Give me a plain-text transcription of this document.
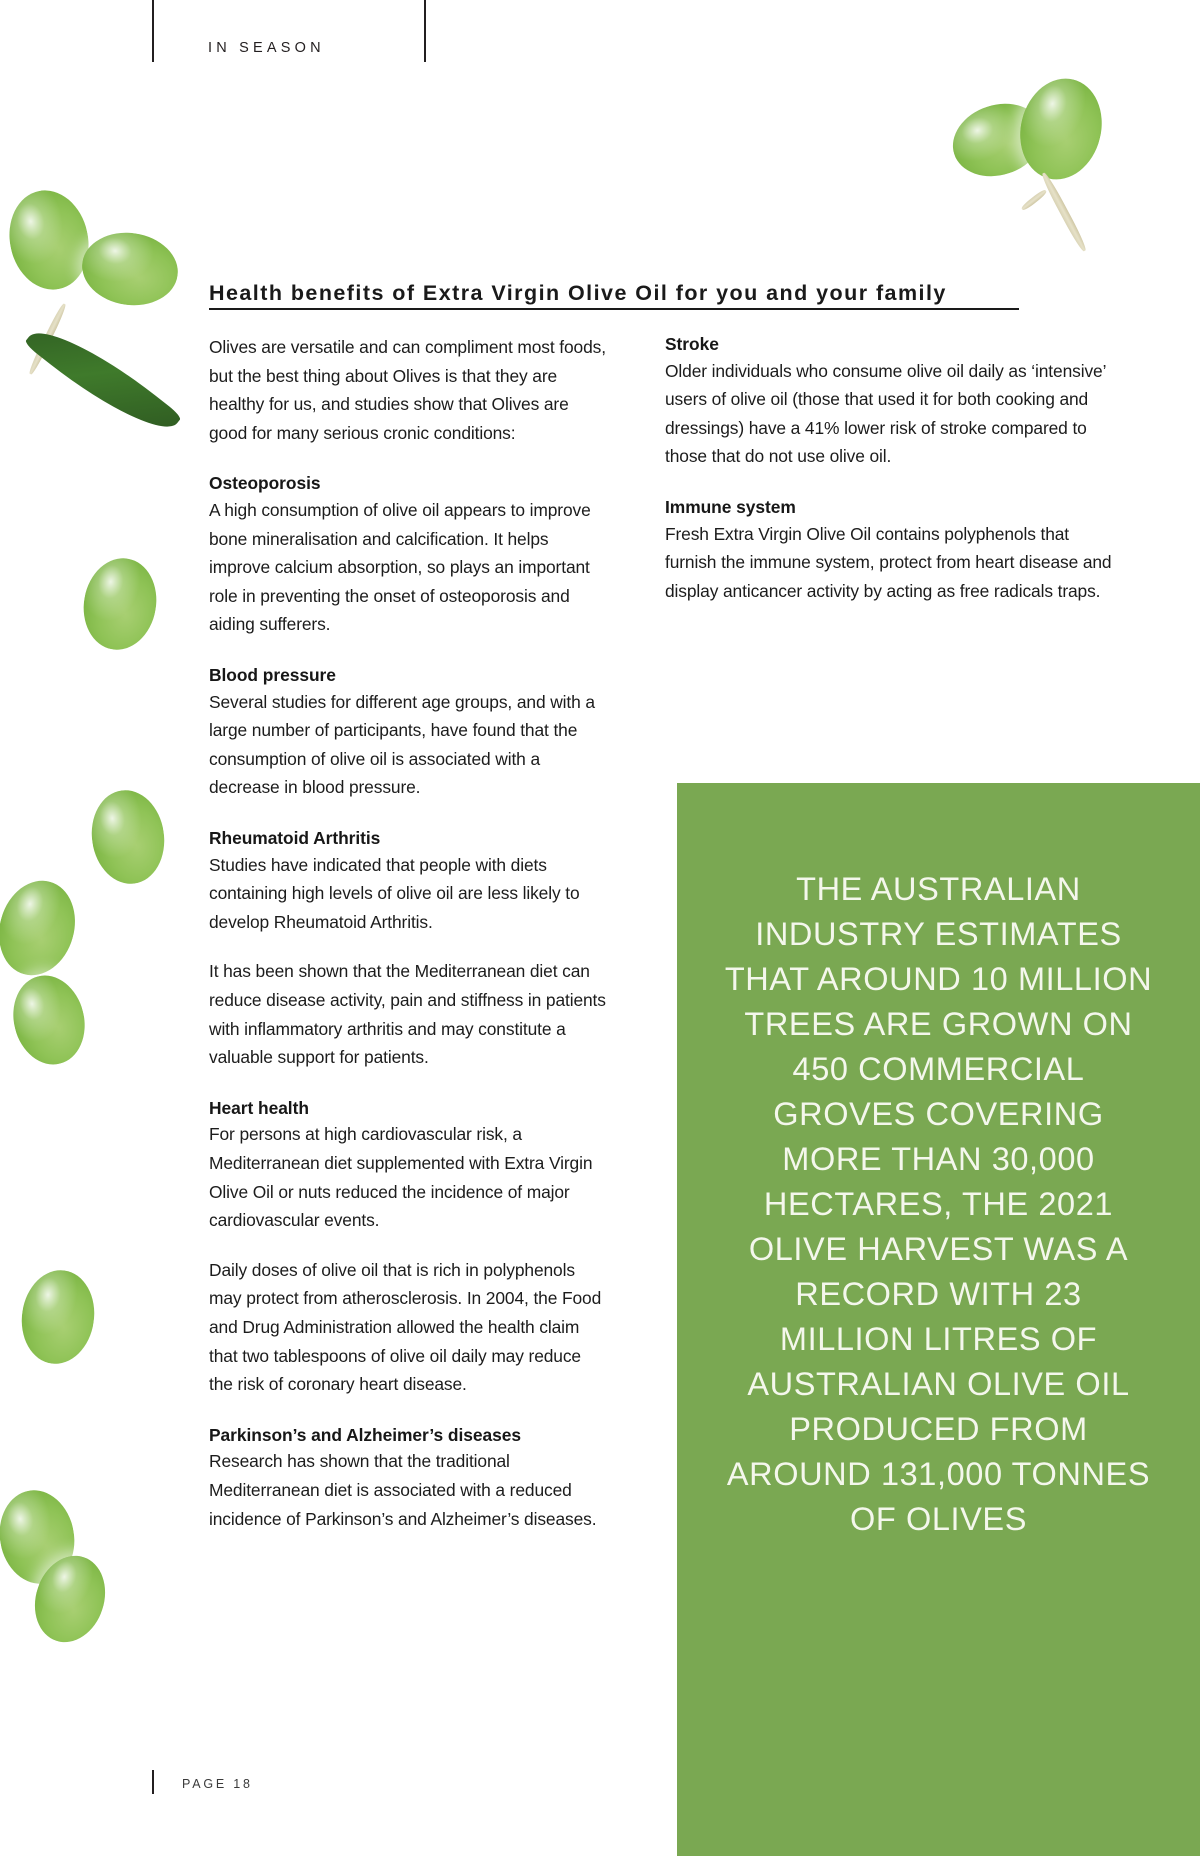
IN SEASON
Health benefits of Extra Virgin Olive Oil for you and your family
Olives are versatile and can compliment most foods, but the best thing about Olives is that they are healthy for us, and studies show that Olives are good for many serious cronic conditions:
Osteoporosis
A high consumption of olive oil appears to improve bone mineralisation and calcification. It helps improve calcium absorption, so plays an important role in preventing the onset of osteoporosis and aiding sufferers.
Blood pressure
Several studies for different age groups, and with a large number of participants, have found that the consumption of olive oil is associated with a decrease in blood pressure.
Rheumatoid Arthritis
Studies have indicated that people with diets containing high levels of olive oil are less likely to develop Rheumatoid Arthritis.
It has been shown that the Mediterranean diet can reduce disease activity, pain and stiffness in patients with inflammatory arthritis and may constitute a valuable support for patients.
Heart health
For persons at high cardiovascular risk, a Mediterranean diet supplemented with Extra Virgin Olive Oil or nuts reduced the incidence of major cardiovascular events.
Daily doses of olive oil that is rich in polyphenols may protect from atherosclerosis. In 2004, the Food and Drug Administration allowed the health claim that two tablespoons of olive oil daily may reduce the risk of coronary heart disease.
Parkinson’s and Alzheimer’s diseases
Research has shown that the traditional Mediterranean diet is associated with a reduced incidence of Parkinson’s and Alzheimer’s diseases.
Stroke
Older individuals who consume olive oil daily as ‘intensive’ users of olive oil (those that used it for both cooking and dressings) have a 41% lower risk of stroke compared to those that do not use olive oil.
Immune system
Fresh Extra Virgin Olive Oil contains polyphenols that furnish the immune system, protect from heart disease and display anticancer activity by acting as free radicals traps.
THE AUSTRALIAN INDUSTRY ESTIMATES THAT AROUND 10 MILLION TREES ARE GROWN ON 450 COMMERCIAL GROVES COVERING MORE THAN 30,000 HECTARES, THE 2021 OLIVE HARVEST WAS A RECORD WITH 23 MILLION LITRES OF AUSTRALIAN OLIVE OIL PRODUCED FROM AROUND 131,000 TONNES OF OLIVES
PAGE 18
